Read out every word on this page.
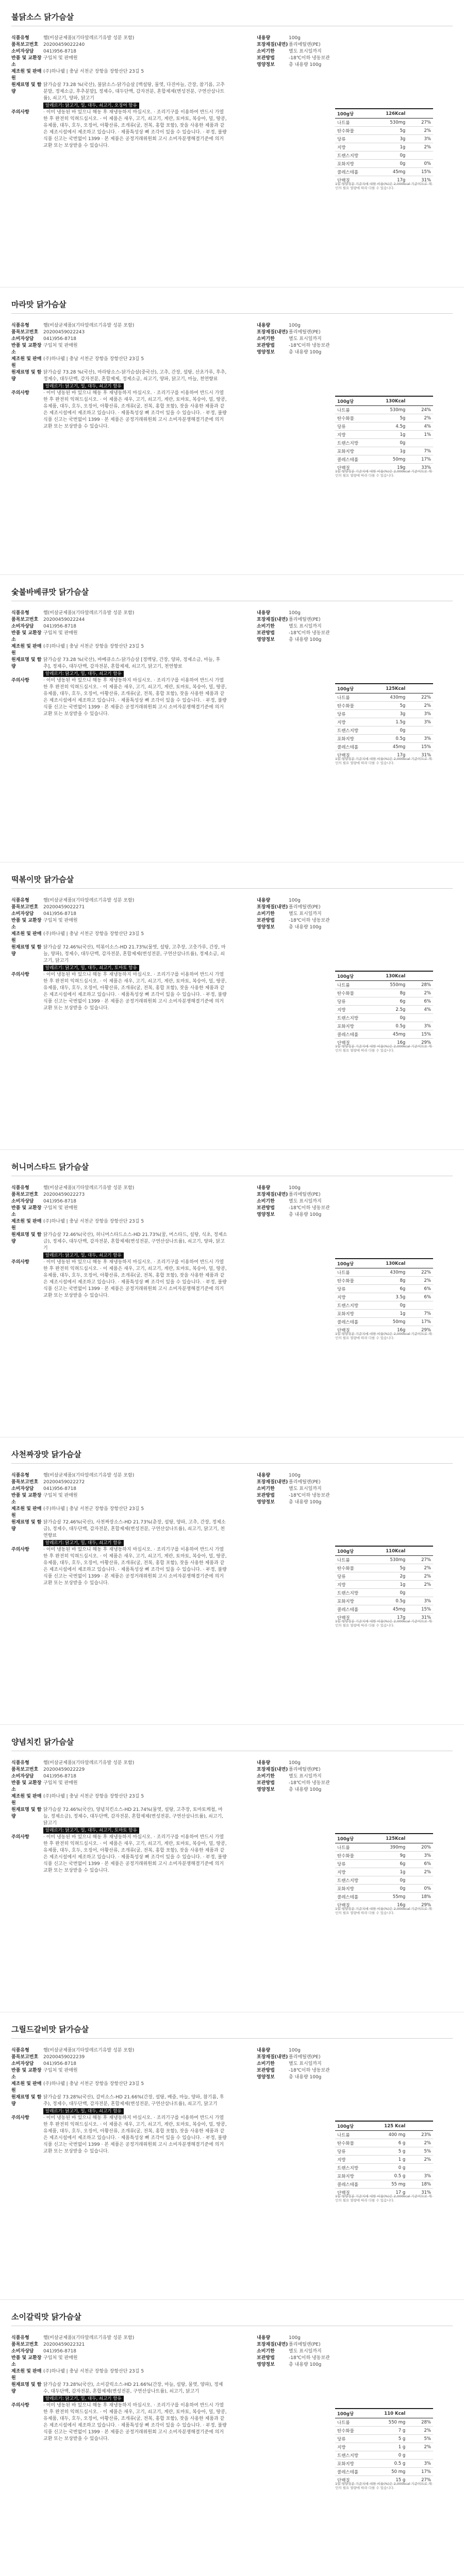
불닭소스 닭가슴살
식품유형	햄(비살균제품)(기타알레르기유발 성분 포함)
품목보고번호	20200459022240
소비자상담	041)956-8718
반품 및 교환장소
구입처 및 판매원
제조원 및 판매원
(주)하나웰 | 충남 서천군 장항읍 장항산단 23길 5
원재료명 및 함량
닭가슴살 73.28 %(국산), 불닭소스-닭가슴살 [백설탕, 물엿, 다진마늘, 간장, 참기름, 고추분말, 정제소금, 후추분말], 정제수, 대두단백, 감자전분, 혼합제제(변성전분, 구연산삼나트륨), 쇠고기, 양파, 닭고기
알레르기: 닭고기, 밀, 대두, 쇠고기, 오징어 함유
주의사항	· 이미 냉동된 바 있으니 해동 후 재냉동하지 마십시오. · 조리기구를 이용하여 반드시 가열한 후 완전히 익혀드십시오. · 이 제품은 새우, 고기, 쇠고기, 게란, 토마토, 복숭아, 밀, 땅콩, 유제품, 대두, 호두, 오징어, 아황산류, 조개류(굴, 전복, 홍합 포함), 잣을 사용한 제품과 같은 제조시설에서 제조하고 있습니다. · 제품특성상 뼈 조각이 있을 수 있습니다. · 부정, 불량식품 신고는 국번없이 1399 · 본 제품은 공정거래위원회 고시 소비자분쟁해결기준에 의거 교환 또는 보상받을 수 있습니다.
내용량	100g
포장재질(내면) 폴리에틸렌(PE)
소비기한	별도 표시일까지
보관방법	-18℃이하 냉동보관
영양정보	총 내용량 100g
100g당	126Kcal
나트륨	530mg	27%
탄수화물	5g	2%
당류	3g	3%
지방	1g	2%
트랜스지방	0g
포화지방	0g	0%
콜레스테롤	45mg	15%
단백질	17g	31%
1일 영양성분 기준치에 대한 비율(%)은 2,000kcal 기준이므로 개인의 필요 열량에 따라 다를 수 있습니다.
마라맛 닭가슴살
식품유형	햄(비살균제품)(기타알레르기유발 성분 포함)
품목보고번호	20200459022243
소비자상담	041)956-8718
반품 및 교환장소
구입처 및 판매원
제조원 및 판매원
(주)하나웰 | 충남 서천군 장항읍 장항산단 23길 5
원재료명 및 함량
닭가슴살 73.28 %(국산), 마라탕소스-닭가슴살(중국산), 고추, 간장, 설탕, 산초가루, 후추, 정제수, 대두단백, 감자전분, 혼합제제, 정제소금, 쇠고기, 양파, 닭고기, 마늘, 천연향료
알레르기: 닭고기, 밀, 대두, 쇠고기 함유
주의사항	· 이미 냉동된 바 있으니 해동 후 재냉동하지 마십시오. · 조리기구를 이용하여 반드시 가열한 후 완전히 익혀드십시오. · 이 제품은 새우, 고기, 쇠고기, 게란, 토마토, 복숭아, 밀, 땅콩, 유제품, 대두, 호두, 오징어, 아황산류, 조개류(굴, 전복, 홍합 포함), 잣을 사용한 제품과 같은 제조시설에서 제조하고 있습니다. · 제품특성상 뼈 조각이 있을 수 있습니다. · 부정, 불량식품 신고는 국번없이 1399 · 본 제품은 공정거래위원회 고시 소비자분쟁해결기준에 의거 교환 또는 보상받을 수 있습니다.
내용량	100g
포장재질(내면) 폴리에틸렌(PE)
소비기한	별도 표시일까지
보관방법	-18℃이하 냉동보관
영양정보	총 내용량 100g
100g당	130Kcal
나트륨	530mg	24%
탄수화물	5g	2%
당류	4.5g	4%
지방	1g	1%
트랜스지방	0g
포화지방	1g	7%
콜레스테롤	50mg	17%
단백질	19g	33%
1일 영양성분 기준치에 대한 비율(%)은 2,000kcal 기준이므로 개인의 필요 열량에 따라 다를 수 있습니다.
숯불바베큐맛 닭가슴살
식품유형	햄(비살균제품)(기타알레르기유발 성분 포함)
품목보고번호	20200459022244
소비자상담	041)956-8718
반품 및 교환장소
구입처 및 판매원
제조원 및 판매원
(주)하나웰 | 충남 서천군 장항읍 장항산단 23길 5
원재료명 및 함량
닭가슴살 73.28 %(국산), 바베큐소스-닭가슴살 [정백당, 간장, 양파, 정제소금, 마늘, 후추], 정제수, 대두단백, 감자전분, 혼합제제, 쇠고기, 닭고기, 천연향료
알레르기: 닭고기, 밀, 대두, 쇠고기 함유
주의사항	· 이미 냉동된 바 있으니 해동 후 재냉동하지 마십시오. · 조리기구를 이용하여 반드시 가열한 후 완전히 익혀드십시오. · 이 제품은 새우, 고기, 쇠고기, 게란, 토마토, 복숭아, 밀, 땅콩, 유제품, 대두, 호두, 오징어, 아황산류, 조개류(굴, 전복, 홍합 포함), 잣을 사용한 제품과 같은 제조시설에서 제조하고 있습니다. · 제품특성상 뼈 조각이 있을 수 있습니다. · 부정, 불량식품 신고는 국번없이 1399 · 본 제품은 공정거래위원회 고시 소비자분쟁해결기준에 의거 교환 또는 보상받을 수 있습니다.
내용량	100g
포장재질(내면) 폴리에틸렌(PE)
소비기한	별도 표시일까지
보관방법	-18℃이하 냉동보관
영양정보	총 내용량 100g
100g당	125Kcal
나트륨	430mg	22%
탄수화물	5g	2%
당류	3g	3%
지방	1.5g	3%
트랜스지방	0g
포화지방	0.5g	3%
콜레스테롤	45mg	15%
단백질	17g	31%
1일 영양성분 기준치에 대한 비율(%)은 2,000kcal 기준이므로 개인의 필요 열량에 따라 다를 수 있습니다.
떡볶이맛 닭가슴살
식품유형	햄(비살균제품)(기타알레르기유발 성분 포함)
품목보고번호	20200459022271
소비자상담	041)956-8718
반품 및 교환장소
구입처 및 판매원
제조원 및 판매원
(주)하나웰 | 충남 서천군 장항읍 장항산단 23길 5
원재료명 및 함량
닭가슴살 72.46%(국산), 떡볶이소스-HD 21.73%(물엿, 설탕, 고추장, 고춧가루, 간장, 마늘, 양파), 정제수, 대두단백, 감자전분, 혼합제제(변성전분, 구연산삼나트륨), 정제소금, 쇠고기, 닭고기
알레르기: 닭고기, 밀, 대두, 쇠고기, 토마토 함유
주의사항	· 이미 냉동된 바 있으니 해동 후 재냉동하지 마십시오. · 조리기구를 이용하여 반드시 가열한 후 완전히 익혀드십시오. · 이 제품은 새우, 고기, 쇠고기, 게란, 토마토, 복숭아, 밀, 땅콩, 유제품, 대두, 호두, 오징어, 아황산류, 조개류(굴, 전복, 홍합 포함), 잣을 사용한 제품과 같은 제조시설에서 제조하고 있습니다. · 제품특성상 뼈 조각이 있을 수 있습니다. · 부정, 불량식품 신고는 국번없이 1399 · 본 제품은 공정거래위원회 고시 소비자분쟁해결기준에 의거 교환 또는 보상받을 수 있습니다.
내용량	100g
포장재질(내면) 폴리에틸렌(PE)
소비기한	별도 표시일까지
보관방법	-18℃이하 냉동보관
영양정보	총 내용량 100g
100g당	130Kcal
나트륨	550mg	28%
탄수화물	8g	2%
당류	6g	6%
지방	2.5g	4%
트랜스지방	0g
포화지방	0.5g	3%
콜레스테롤	45mg	15%
단백질	16g	29%
1일 영양성분 기준치에 대한 비율(%)은 2,000kcal 기준이므로 개인의 필요 열량에 따라 다를 수 있습니다.
허니머스타드 닭가슴살
식품유형	햄(비살균제품)(기타알레르기유발 성분 포함)
품목보고번호	20200459022273
소비자상담	041)956-8718
반품 및 교환장소
구입처 및 판매원
제조원 및 판매원
(주)하나웰 | 충남 서천군 장항읍 장항산단 23길 5
원재료명 및 함량
닭가슴살 72.46%(국산), 허니머스타드소스-HD 21.73%(꿀, 머스타드, 설탕, 식초, 정제소금), 정제수, 대두단백, 감자전분, 혼합제제(변성전분, 구연산삼나트륨), 쇠고기, 양파, 닭고기
알레르기: 닭고기, 밀, 대두, 쇠고기 함유
주의사항	· 이미 냉동된 바 있으니 해동 후 재냉동하지 마십시오. · 조리기구를 이용하여 반드시 가열한 후 완전히 익혀드십시오. · 이 제품은 새우, 고기, 쇠고기, 게란, 토마토, 복숭아, 밀, 땅콩, 유제품, 대두, 호두, 오징어, 아황산류, 조개류(굴, 전복, 홍합 포함), 잣을 사용한 제품과 같은 제조시설에서 제조하고 있습니다. · 제품특성상 뼈 조각이 있을 수 있습니다. · 부정, 불량식품 신고는 국번없이 1399 · 본 제품은 공정거래위원회 고시 소비자분쟁해결기준에 의거 교환 또는 보상받을 수 있습니다.
내용량	100g
포장재질(내면) 폴리에틸렌(PE)
소비기한	별도 표시일까지
보관방법	-18℃이하 냉동보관
영양정보	총 내용량 100g
100g당	130Kcal
나트륨	430mg	22%
탄수화물	8g	2%
당류	6g	6%
지방	3.5g	6%
트랜스지방	0g
포화지방	1g	7%
콜레스테롤	50mg	17%
단백질	16g	29%
1일 영양성분 기준치에 대한 비율(%)은 2,000kcal 기준이므로 개인의 필요 열량에 따라 다를 수 있습니다.
사천짜장맛 닭가슴살
식품유형	햄(비살균제품)(기타알레르기유발 성분 포함)
품목보고번호	20200459022272
소비자상담	041)956-8718
반품 및 교환장소
구입처 및 판매원
제조원 및 판매원
(주)하나웰 | 충남 서천군 장항읍 장항산단 23길 5
원재료명 및 함량
닭가슴살 72.46%(국산), 사천짜장소스-HD 21.73%(춘장, 설탕, 양파, 고추, 간장, 정제소금), 정제수, 대두단백, 감자전분, 혼합제제(변성전분, 구연산삼나트륨), 쇠고기, 닭고기, 천연향료
알레르기: 닭고기, 밀, 대두, 쇠고기 함유
주의사항	· 이미 냉동된 바 있으니 해동 후 재냉동하지 마십시오. · 조리기구를 이용하여 반드시 가열한 후 완전히 익혀드십시오. · 이 제품은 새우, 고기, 쇠고기, 게란, 토마토, 복숭아, 밀, 땅콩, 유제품, 대두, 호두, 오징어, 아황산류, 조개류(굴, 전복, 홍합 포함), 잣을 사용한 제품과 같은 제조시설에서 제조하고 있습니다. · 제품특성상 뼈 조각이 있을 수 있습니다. · 부정, 불량식품 신고는 국번없이 1399 · 본 제품은 공정거래위원회 고시 소비자분쟁해결기준에 의거 교환 또는 보상받을 수 있습니다.
내용량	100g
포장재질(내면) 폴리에틸렌(PE)
소비기한	별도 표시일까지
보관방법	-18℃이하 냉동보관
영양정보	총 내용량 100g
100g당	110Kcal
나트륨	530mg	27%
탄수화물	5g	2%
당류	2g	2%
지방	1g	2%
트랜스지방	0g
포화지방	0.5g	3%
콜레스테롤	45mg	15%
단백질	17g	31%
1일 영양성분 기준치에 대한 비율(%)은 2,000kcal 기준이므로 개인의 필요 열량에 따라 다를 수 있습니다.
양념치킨 닭가슴살
식품유형	햄(비살균제품)(기타알레르기유발 성분 포함)
품목보고번호	20200459022229
소비자상담	041)956-8718
반품 및 교환장소
구입처 및 판매원
제조원 및 판매원
(주)하나웰 | 충남 서천군 장항읍 장항산단 23길 5
원재료명 및 함량
닭가슴살 72.46%(국산), 양념치킨소스-HD 21.74%(물엿, 설탕, 고추장, 토마토케첩, 마늘, 정제소금), 정제수, 대두단백, 감자전분, 혼합제제(변성전분, 구연산삼나트륨), 쇠고기, 닭고기
알레르기: 닭고기, 밀, 대두, 쇠고기, 토마토 함유
주의사항	· 이미 냉동된 바 있으니 해동 후 재냉동하지 마십시오. · 조리기구를 이용하여 반드시 가열한 후 완전히 익혀드십시오. · 이 제품은 새우, 고기, 쇠고기, 게란, 토마토, 복숭아, 밀, 땅콩, 유제품, 대두, 호두, 오징어, 아황산류, 조개류(굴, 전복, 홍합 포함), 잣을 사용한 제품과 같은 제조시설에서 제조하고 있습니다. · 제품특성상 뼈 조각이 있을 수 있습니다. · 부정, 불량식품 신고는 국번없이 1399 · 본 제품은 공정거래위원회 고시 소비자분쟁해결기준에 의거 교환 또는 보상받을 수 있습니다.
내용량	100g
포장재질(내면) 폴리에틸렌(PE)
소비기한	별도 표시일까지
보관방법	-18℃이하 냉동보관
영양정보	총 내용량 100g
100g당	125Kcal
나트륨	390mg	20%
탄수화물	9g	3%
당류	6g	6%
지방	1g	2%
트랜스지방	0g
포화지방	0g	0%
콜레스테롤	55mg	18%
단백질	16g	29%
1일 영양성분 기준치에 대한 비율(%)은 2,000kcal 기준이므로 개인의 필요 열량에 따라 다를 수 있습니다.
그릴드갈비맛 닭가슴살
식품유형	햄(비살균제품)(기타알레르기유발 성분 포함)
품목보고번호	20200459022239
소비자상담	041)956-8718
반품 및 교환장소
구입처 및 판매원
제조원 및 판매원
(주)하나웰 | 충남 서천군 장항읍 장항산단 23길 5
원재료명 및 함량
닭가슴살 73.28%(국산), 갈비소스-HD 21.66%(간장, 설탕, 배즙, 마늘, 양파, 참기름, 후추), 정제수, 대두단백, 감자전분, 혼합제제(변성전분, 구연산삼나트륨), 쇠고기, 닭고기
알레르기: 닭고기, 밀, 대두, 쇠고기 함유
주의사항	· 이미 냉동된 바 있으니 해동 후 재냉동하지 마십시오. · 조리기구를 이용하여 반드시 가열한 후 완전히 익혀드십시오. · 이 제품은 새우, 고기, 쇠고기, 게란, 토마토, 복숭아, 밀, 땅콩, 유제품, 대두, 호두, 오징어, 아황산류, 조개류(굴, 전복, 홍합 포함), 잣을 사용한 제품과 같은 제조시설에서 제조하고 있습니다. · 제품특성상 뼈 조각이 있을 수 있습니다. · 부정, 불량식품 신고는 국번없이 1399 · 본 제품은 공정거래위원회 고시 소비자분쟁해결기준에 의거 교환 또는 보상받을 수 있습니다.
내용량	100g
포장재질(내면) 폴리에틸렌(PE)
소비기한	별도 표시일까지
보관방법	-18℃이하 냉동보관
영양정보	총 내용량 100g
100g당	125 Kcal
나트륨	400 mg	23%
탄수화물	6 g	2%
당류	5 g	5%
지방	1 g	2%
트랜스지방	0 g
포화지방	0.5 g	3%
콜레스테롤	55 mg	18%
단백질	17 g	31%
1일 영양성분 기준치에 대한 비율(%)은 2,000kcal 기준이므로 개인의 필요 열량에 따라 다를 수 있습니다.
소이갈릭맛 닭가슴살
식품유형	햄(비살균제품)(기타알레르기유발 성분 포함)
품목보고번호	20200459022321
소비자상담	041)956-8718
반품 및 교환장소
구입처 및 판매원
제조원 및 판매원
(주)하나웰 | 충남 서천군 장항읍 장항산단 23길 5
원재료명 및 함량
닭가슴살 73.28%(국산), 소이갈릭소스-HD 21.66%(간장, 마늘, 설탕, 물엿, 양파), 정제수, 대두단백, 감자전분, 혼합제제(변성전분, 구연산삼나트륨), 쇠고기, 닭고기
알레르기: 닭고기, 밀, 대두, 쇠고기 함유
주의사항	· 이미 냉동된 바 있으니 해동 후 재냉동하지 마십시오. · 조리기구를 이용하여 반드시 가열한 후 완전히 익혀드십시오. · 이 제품은 새우, 고기, 쇠고기, 게란, 토마토, 복숭아, 밀, 땅콩, 유제품, 대두, 호두, 오징어, 아황산류, 조개류(굴, 전복, 홍합 포함), 잣을 사용한 제품과 같은 제조시설에서 제조하고 있습니다. · 제품특성상 뼈 조각이 있을 수 있습니다. · 부정, 불량식품 신고는 국번없이 1399 · 본 제품은 공정거래위원회 고시 소비자분쟁해결기준에 의거 교환 또는 보상받을 수 있습니다.
내용량	100g
포장재질(내면) 폴리에틸렌(PE)
소비기한	별도 표시일까지
보관방법	-18℃이하 냉동보관
영양정보	총 내용량 100g
100g당	110 Kcal
나트륨	550 mg	28%
탄수화물	7 g	2%
당류	5 g	5%
지방	1 g	2%
트랜스지방	0 g
포화지방	0.5 g	3%
콜레스테롤	50 mg	17%
단백질	15 g	27%
1일 영양성분 기준치에 대한 비율(%)은 2,000kcal 기준이므로 개인의 필요 열량에 따라 다를 수 있습니다.
